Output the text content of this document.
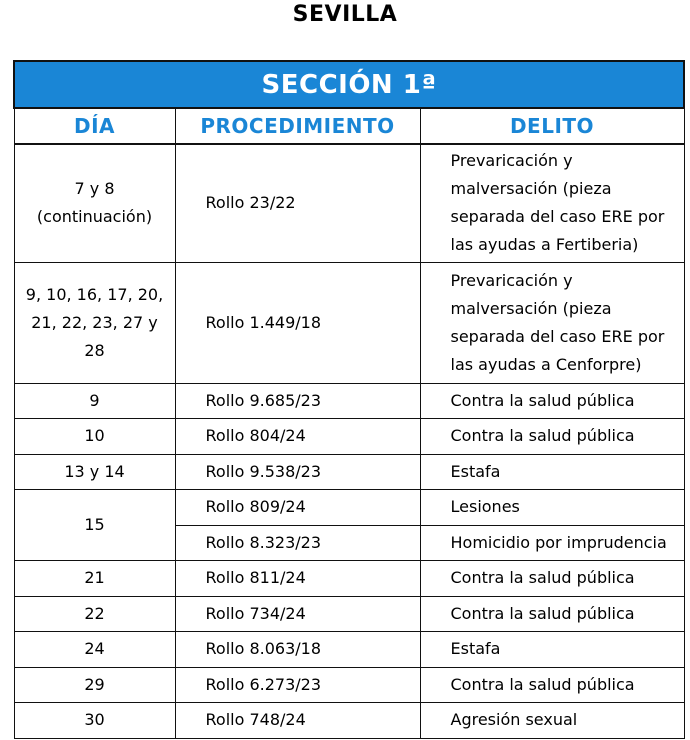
SEVILLA
SECCIÓN 1ª		
DÍA	PROCEDIMIENTO	DELITO
7 y 8 (continuación)	Rollo 23/22	Prevaricación y malversación (pieza separada del caso ERE por las ayudas a Fertiberia)
9, 10, 16, 17, 20, 21, 22, 23, 27 y 28	Rollo 1.449/18	Prevaricación y malversación (pieza separada del caso ERE por las ayudas a Cenforpre)
9	Rollo 9.685/23	Contra la salud pública
10	Rollo 804/24	Contra la salud pública
13 y 14	Rollo 9.538/23	Estafa
15	Rollo 809/24	Lesiones
	Rollo 8.323/23	Homicidio por imprudencia
21	Rollo 811/24	Contra la salud pública
22	Rollo 734/24	Contra la salud pública
24	Rollo 8.063/18	Estafa
29	Rollo 6.273/23	Contra la salud pública
30	Rollo 748/24	Agresión sexual
